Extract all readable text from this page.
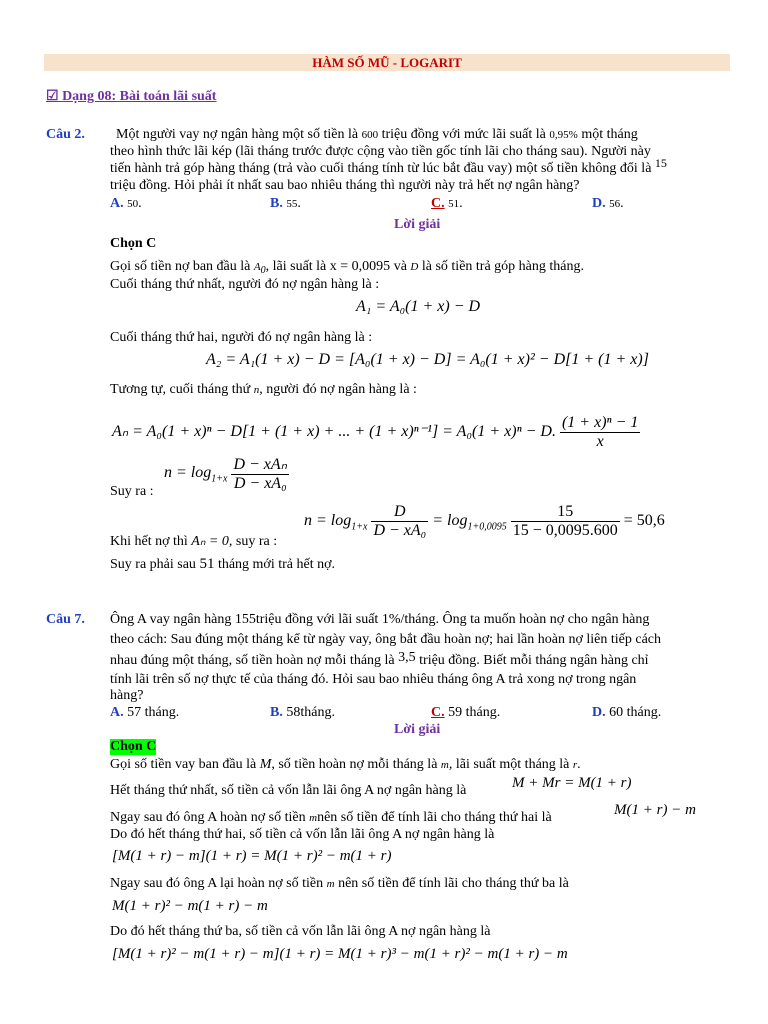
HÀM SỐ MŨ - LOGARIT
☑ Dạng 08: Bài toán lãi suất
Câu 2. Một người vay nợ ngân hàng một số tiền là 600 triệu đồng với mức lãi suất là 0,95% một tháng
theo hình thức lãi kép (lãi tháng trước được cộng vào tiền gốc tính lãi cho tháng sau). Người này
tiến hành trả góp hàng tháng (trả vào cuối tháng tính từ lúc bắt đầu vay) một số tiền không đổi là 15
triệu đồng. Hỏi phải ít nhất sau bao nhiêu tháng thì người này trả hết nợ ngân hàng?
A. 50.	B. 55.	C. 51.	D. 56.
Lời giải
Chọn C
Gọi số tiền nợ ban đầu là $A_0$, lãi suất là x = 0,0095 và D là số tiền trả góp hàng tháng.
Cuối tháng thứ nhất, người đó nợ ngân hàng là :
A₁ = A₀(1 + x) − D
Cuối tháng thứ hai, người đó nợ ngân hàng là :
A₂ = A₁(1 + x) − D = [A₀(1 + x) − D] = A₀(1 + x)² − D[1 + (1 + x)]
Tương tự, cuối tháng thứ n, người đó nợ ngân hàng là :
Aₙ = A₀(1 + x)ⁿ − D[1 + (1 + x) + ... + (1 + x)ⁿ⁻¹] = A₀(1 + x)ⁿ − D. $\frac{\text{(1 + x)ⁿ − 1}}{x}$
$n = \log_{1+x} \frac{\text{D − xAₙ}}{\text{D − xA₀}}$
Suy ra :
Khi hết nợ thì Aₙ = 0, suy ra :
$n = \log_{1+x} \frac{D}{\text{D − xA₀}} = \log_{1+0,0095} \frac{15}{15 - 0,0095.600} = 50,6$
Suy ra phải sau 51 tháng mới trả hết nợ.
Câu 7. Ông A vay ngân hàng 155triệu đồng với lãi suất 1%/tháng. Ông ta muốn hoàn nợ cho ngân hàng
theo cách: Sau đúng một tháng kể từ ngày vay, ông bắt đầu hoàn nợ; hai lần hoàn nợ liên tiếp cách
nhau đúng một tháng, số tiền hoàn nợ mỗi tháng là 3,5 triệu đồng. Biết mỗi tháng ngân hàng chỉ
tính lãi trên số nợ thực tế của tháng đó. Hỏi sau bao nhiêu tháng ông A trả xong nợ trong ngân
hàng?
A. 57 tháng.	B. 58tháng.	C. 59 tháng.	D. 60 tháng.
Lời giải
Chọn C
Gọi số tiền vay ban đầu là M, số tiền hoàn nợ mỗi tháng là m, lãi suất một tháng là r.
Hết tháng thứ nhất, số tiền cả vốn lẫn lãi ông A nợ ngân hàng là	M + Mr = M(1 + r)
Ngay sau đó ông A hoàn nợ số tiền mnên số tiền để tính lãi cho tháng thứ hai là	M(1 + r) − m
Do đó hết tháng thứ hai, số tiền cả vốn lẫn lãi ông A nợ ngân hàng là
[M(1 + r) − m](1 + r) = M(1 + r)² − m(1 + r)
Ngay sau đó ông A lại hoàn nợ số tiền m nên số tiền để tính lãi cho tháng thứ ba là
M(1 + r)² − m(1 + r) − m
Do đó hết tháng thứ ba, số tiền cả vốn lẫn lãi ông A nợ ngân hàng là
[M(1 + r)² − m(1 + r) − m](1 + r) = M(1 + r)³ − m(1 + r)² − m(1 + r) − m
